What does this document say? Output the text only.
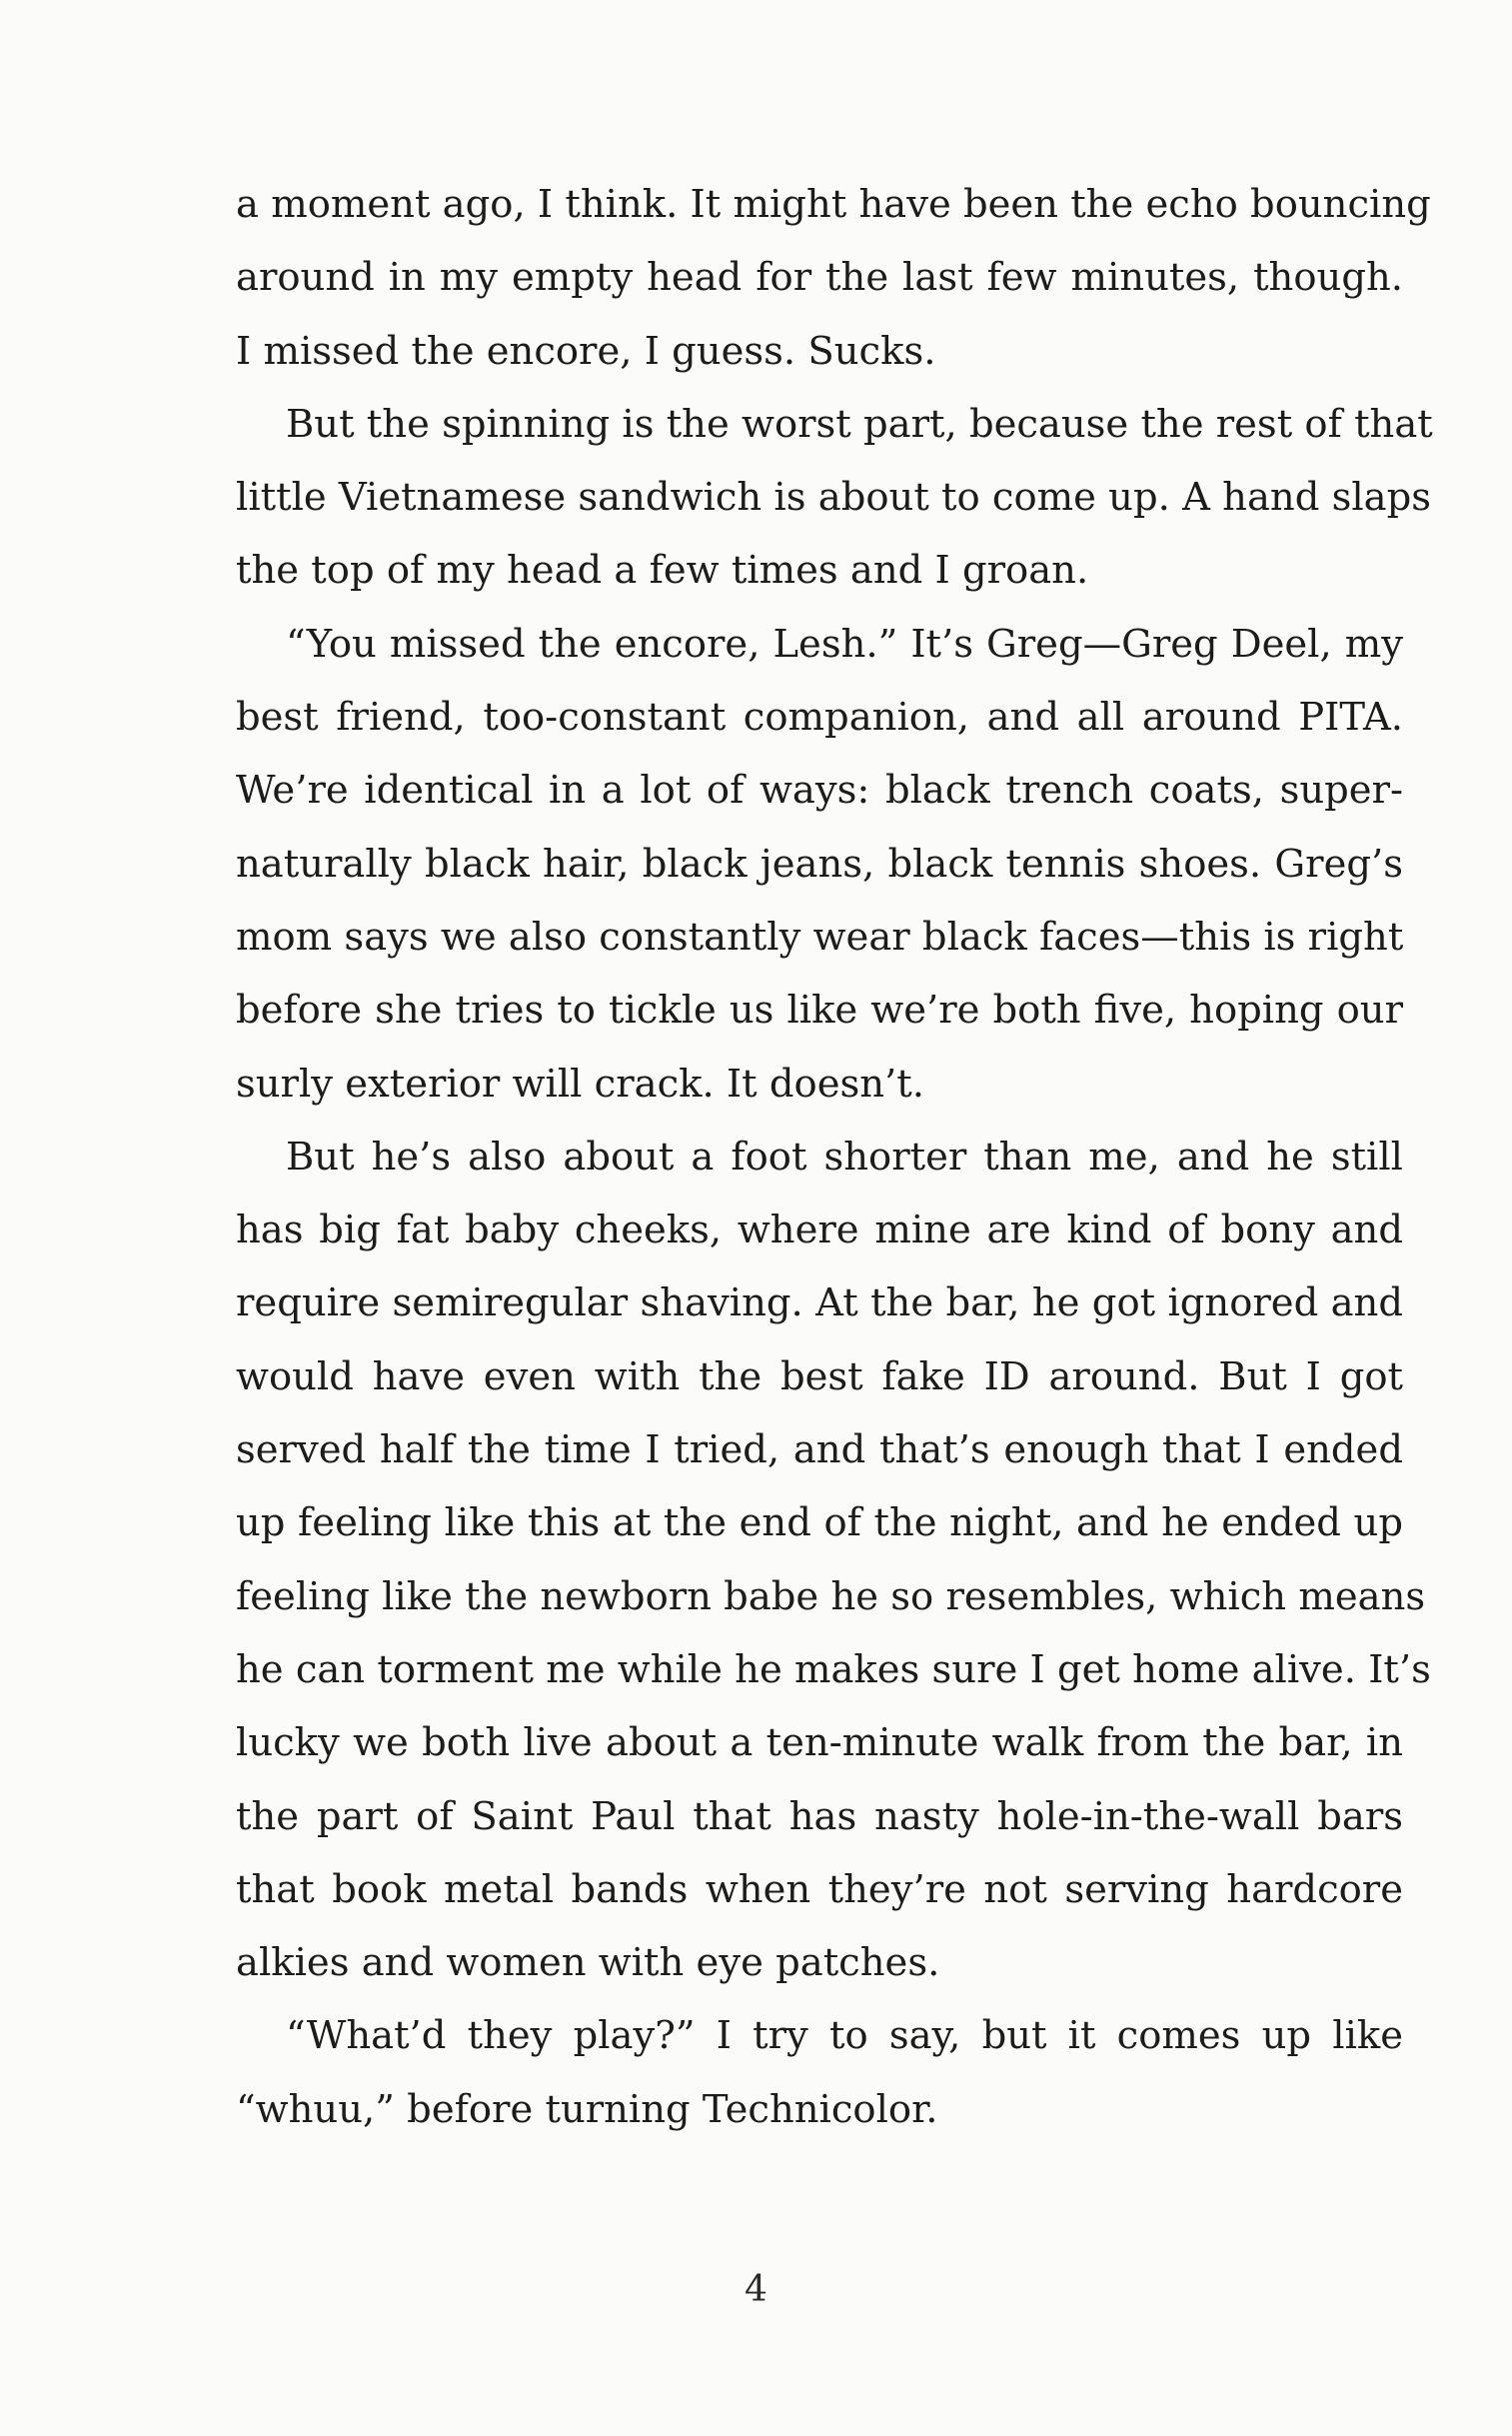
a moment ago, I think. It might have been the echo bouncing
around in my empty head for the last few minutes, though.
I missed the encore, I guess. Sucks.
But the spinning is the worst part, because the rest of that
little Vietnamese sandwich is about to come up. A hand slaps
the top of my head a few times and I groan.
“You missed the encore, Lesh.” It’s Greg—Greg Deel, my
best friend, too-constant companion, and all around PITA.
We’re identical in a lot of ways: black trench coats, super-
naturally black hair, black jeans, black tennis shoes. Greg’s
mom says we also constantly wear black faces—this is right
before she tries to tickle us like we’re both five, hoping our
surly exterior will crack. It doesn’t.
But he’s also about a foot shorter than me, and he still
has big fat baby cheeks, where mine are kind of bony and
require semiregular shaving. At the bar, he got ignored and
would have even with the best fake ID around. But I got
served half the time I tried, and that’s enough that I ended
up feeling like this at the end of the night, and he ended up
feeling like the newborn babe he so resembles, which means
he can torment me while he makes sure I get home alive. It’s
lucky we both live about a ten-minute walk from the bar, in
the part of Saint Paul that has nasty hole-in-the-wall bars
that book metal bands when they’re not serving hardcore
alkies and women with eye patches.
“What’d they play?” I try to say, but it comes up like
“whuu,” before turning Technicolor.
4
